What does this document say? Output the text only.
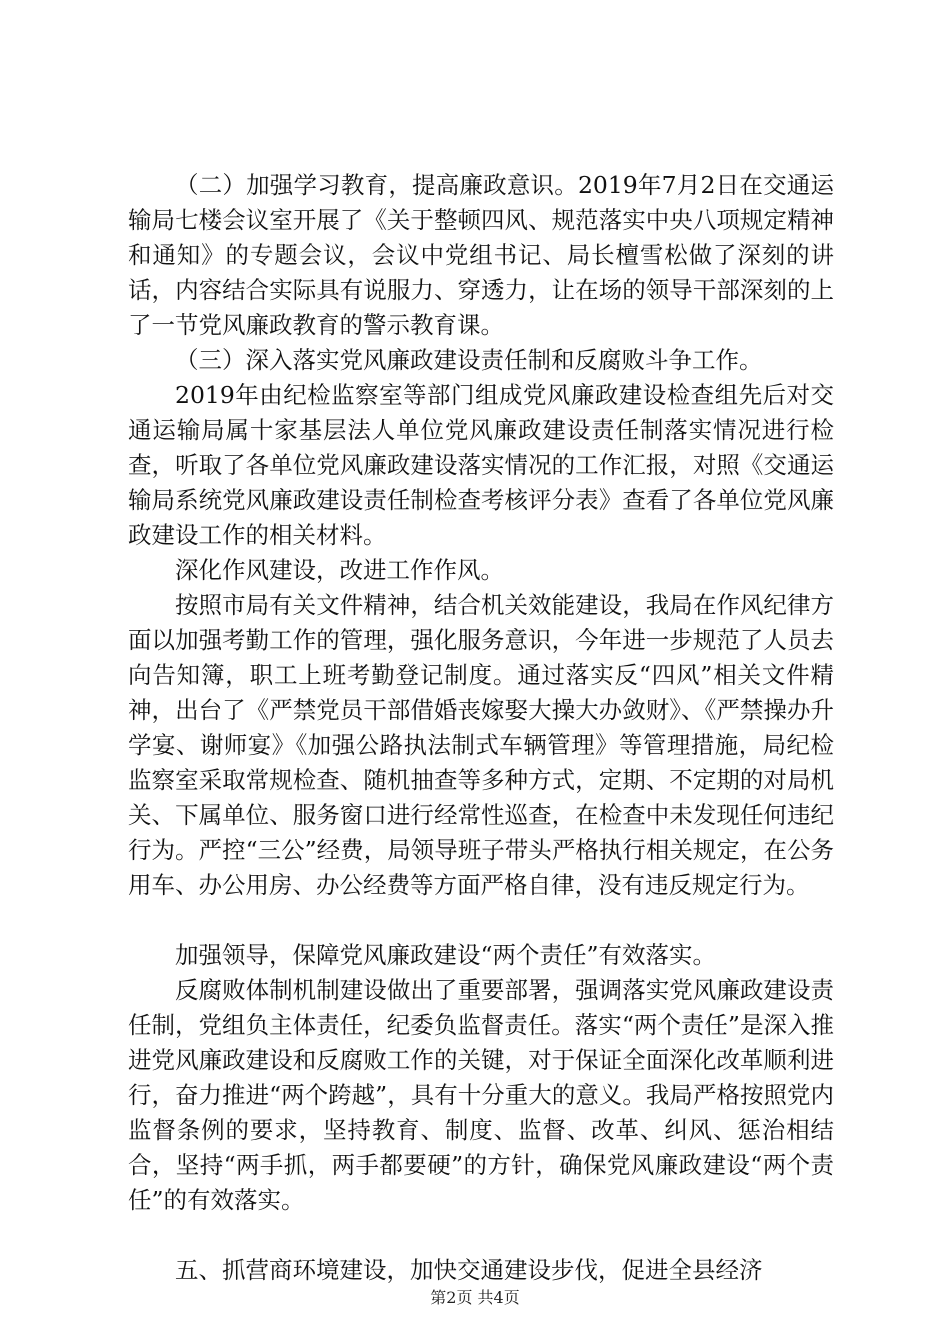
（二）加强学习教育，提高廉政意识。2019年7月2日在交通运输局七楼会议室开展了《关于整顿四风、规范落实中央八项规定精神和通知》的专题会议，会议中党组书记、局长檀雪松做了深刻的讲话，内容结合实际具有说服力、穿透力，让在场的领导干部深刻的上了一节党风廉政教育的警示教育课。

（三）深入落实党风廉政建设责任制和反腐败斗争工作。

2019年由纪检监察室等部门组成党风廉政建设检查组先后对交通运输局属十家基层法人单位党风廉政建设责任制落实情况进行检查，听取了各单位党风廉政建设落实情况的工作汇报，对照《交通运输局系统党风廉政建设责任制检查考核评分表》查看了各单位党风廉政建设工作的相关材料。

深化作风建设，改进工作作风。

按照市局有关文件精神，结合机关效能建设，我局在作风纪律方面以加强考勤工作的管理，强化服务意识，今年进一步规范了人员去向告知簿，职工上班考勤登记制度。通过落实反“四风”相关文件精神，出台了《严禁党员干部借婚丧嫁娶大操大办敛财》、《严禁操办升学宴、谢师宴》《加强公路执法制式车辆管理》等管理措施，局纪检监察室采取常规检查、随机抽查等多种方式，定期、不定期的对局机关、下属单位、服务窗口进行经常性巡查，在检查中未发现任何违纪行为。严控“三公”经费，局领导班子带头严格执行相关规定，在公务用车、办公用房、办公经费等方面严格自律，没有违反规定行为。

加强领导，保障党风廉政建设“两个责任”有效落实。

反腐败体制机制建设做出了重要部署，强调落实党风廉政建设责任制，党组负主体责任，纪委负监督责任。落实“两个责任”是深入推进党风廉政建设和反腐败工作的关键，对于保证全面深化改革顺利进行，奋力推进“两个跨越”，具有十分重大的意义。我局严格按照党内监督条例的要求，坚持教育、制度、监督、改革、纠风、惩治相结合，坚持“两手抓，两手都要硬”的方针，确保党风廉政建设“两个责任”的有效落实。

五、抓营商环境建设，加快交通建设步伐，促进全县经济

第2页 共4页
